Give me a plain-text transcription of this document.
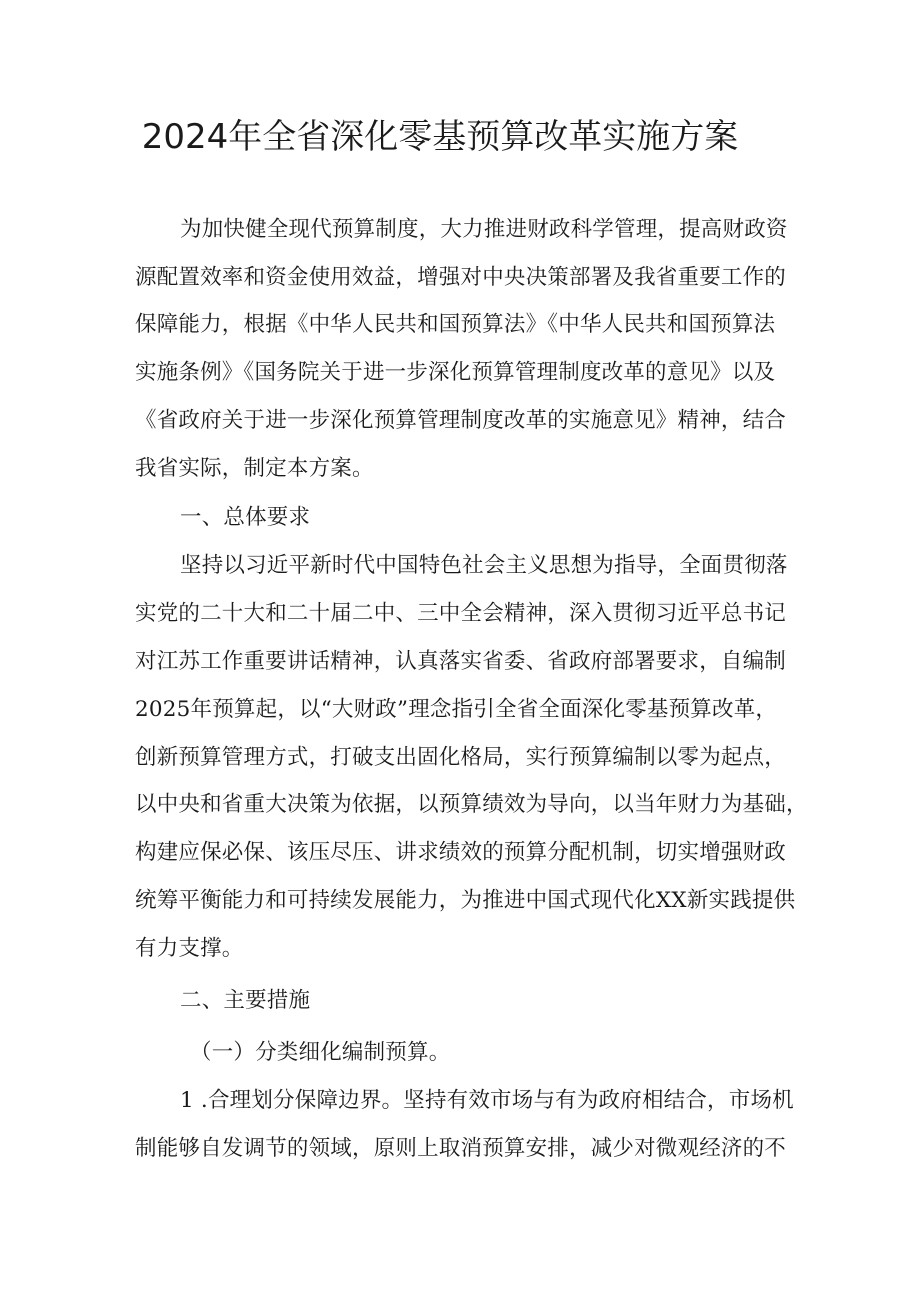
2024年全省深化零基预算改革实施方案
为加快健全现代预算制度，大力推进财政科学管理，提高财政资
源配置效率和资金使用效益，增强对中央决策部署及我省重要工作的
保障能力，根据《中华人民共和国预算法》《中华人民共和国预算法
实施条例》《国务院关于进一步深化预算管理制度改革的意见》以及
《省政府关于进一步深化预算管理制度改革的实施意见》精神，结合
我省实际，制定本方案。
一、总体要求
坚持以习近平新时代中国特色社会主义思想为指导，全面贯彻落
实党的二十大和二十届二中、三中全会精神，深入贯彻习近平总书记
对江苏工作重要讲话精神，认真落实省委、省政府部署要求，自编制
2025年预算起，以“大财政”理念指引全省全面深化零基预算改革，
创新预算管理方式，打破支出固化格局，实行预算编制以零为起点，
以中央和省重大决策为依据，以预算绩效为导向，以当年财力为基础，
构建应保必保、该压尽压、讲求绩效的预算分配机制，切实增强财政
统筹平衡能力和可持续发展能力，为推进中国式现代化XX新实践提供
有力支撑。
二、主要措施
（一）分类细化编制预算。
1 .合理划分保障边界。坚持有效市场与有为政府相结合，市场机
制能够自发调节的领域，原则上取消预算安排，减少对微观经济的不
